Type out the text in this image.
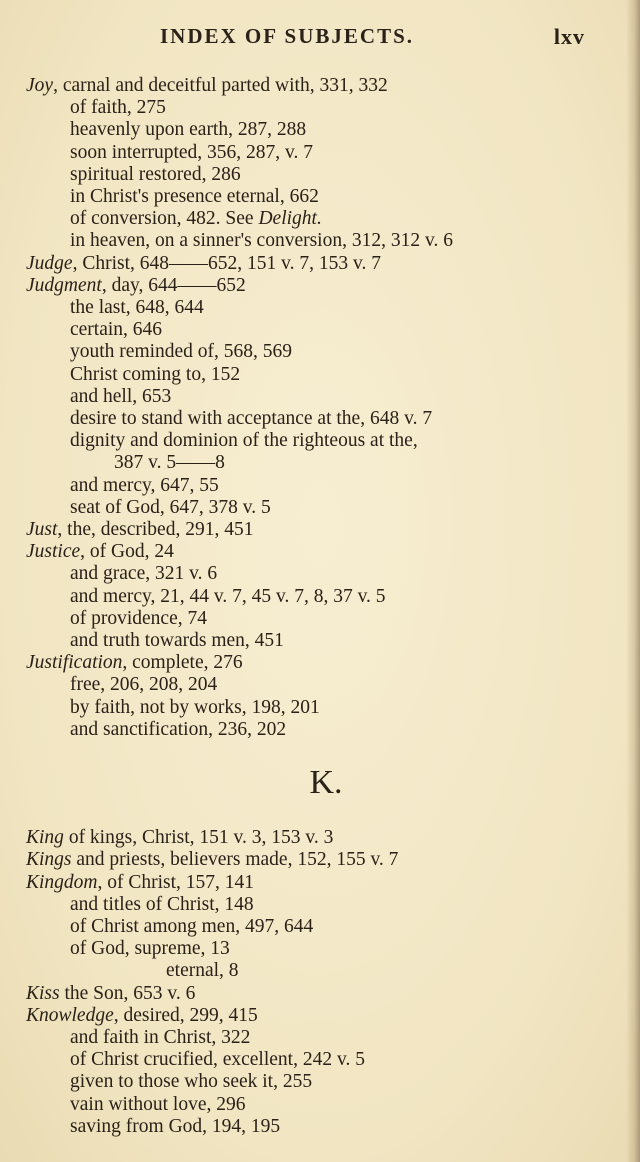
INDEX OF SUBJECTS.	lxv
Joy, carnal and deceitful parted with, 331, 332
of faith, 275
heavenly upon earth, 287, 288
soon interrupted, 356, 287, v. 7
spiritual restored, 286
in Christ's presence eternal, 662
of conversion, 482. See Delight.
in heaven, on a sinner's conversion, 312, 312 v. 6
Judge, Christ, 648——652, 151 v. 7, 153 v. 7
Judgment, day, 644——652
the last, 648, 644
certain, 646
youth reminded of, 568, 569
Christ coming to, 152
and hell, 653
desire to stand with acceptance at the, 648 v. 7
dignity and dominion of the righteous at the,
387 v. 5——8
and mercy, 647, 55
seat of God, 647, 378 v. 5
Just, the, described, 291, 451
Justice, of God, 24
and grace, 321 v. 6
and mercy, 21, 44 v. 7, 45 v. 7, 8, 37 v. 5
of providence, 74
and truth towards men, 451
Justification, complete, 276
free, 206, 208, 204
by faith, not by works, 198, 201
and sanctification, 236, 202
K.
King of kings, Christ, 151 v. 3, 153 v. 3
Kings and priests, believers made, 152, 155 v. 7
Kingdom, of Christ, 157, 141
and titles of Christ, 148
of Christ among men, 497, 644
of God, supreme, 13
eternal, 8
Kiss the Son, 653 v. 6
Knowledge, desired, 299, 415
and faith in Christ, 322
of Christ crucified, excellent, 242 v. 5
given to those who seek it, 255
vain without love, 296
saving from God, 194, 195
